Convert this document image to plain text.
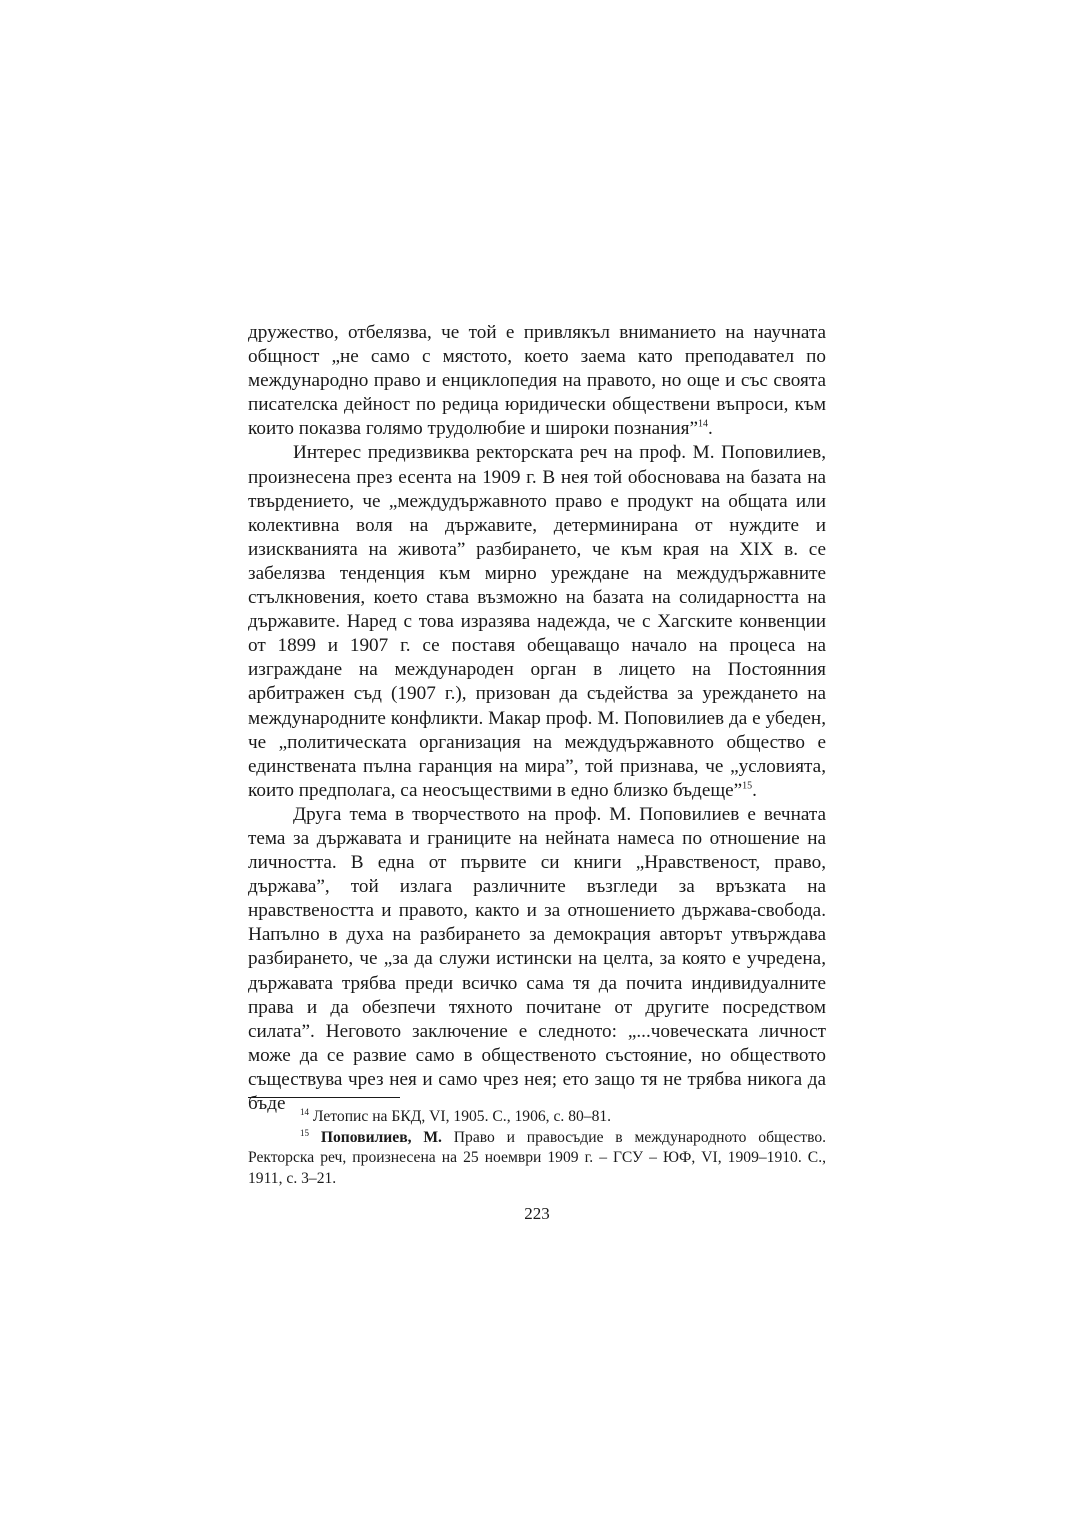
дружество, отбелязва, че той е привлякъл вниманието на научната общност „не само с мястото, което заема като преподавател по международно право и енциклопедия на правото, но още и със своята писателска дейност по редица юридически обществени въпроси, към които показва голямо трудолюбие и широки познания”$^{14}$.

Интерес предизвиква ректорската реч на проф. М. Поповилиев, произнесена през есента на 1909 г. В нея той обосновава на базата на твърдението, че „междудържавното право е продукт на общата или колективна воля на държавите, детерминирана от нуждите и изискванията на живота” разбирането, че към края на XIX в. се забелязва тенденция към мирно уреждане на междудържавните стълкновения, което става възможно на базата на солидарността на държавите. Наред с това изразява надежда, че с Хагските конвенции от 1899 и 1907 г. се поставя обещаващо начало на процеса на изграждане на международен орган в лицето на Постоянния арбитражен съд (1907 г.), призован да съдейства за уреждането на международните конфликти. Макар проф. М. Поповилиев да е убеден, че „политическата организация на междудържавното общество е единствената пълна гаранция на мира”, той признава, че „условията, които предполага, са неосъществими в едно близко бъдеще”$^{15}$.

Друга тема в творчеството на проф. М. Поповилиев е вечната тема за държавата и границите на нейната намеса по отношение на личността. В една от първите си книги „Нравственост, право, държава”, той излага различните възгледи за връзката на нравствеността и правото, както и за отношението държава-свобода. Напълно в духа на разбирането за демокрация авторът утвърждава разбирането, че „за да служи истински на целта, за която е учредена, държавата трябва преди всичко сама тя да почита индивидуалните права и да обезпечи тяхното почитане от другите посредством силата”. Неговото заключение е следното: „...човеческата личност може да се развие само в общественото състояние, но обществото съществува чрез нея и само чрез нея; ето защо тя не трябва никога да бъде	$^{14}$ Летопис на БКД, VI, 1905. С., 1906, с. 80–81.

$^{15}$ Поповилиев, М. Право и правосъдие в международното общество. Ректорска реч, произнесена на 25 ноември 1909 г. – ГСУ – ЮФ, VI, 1909–1910. С., 1911, с. 3–21.

223
